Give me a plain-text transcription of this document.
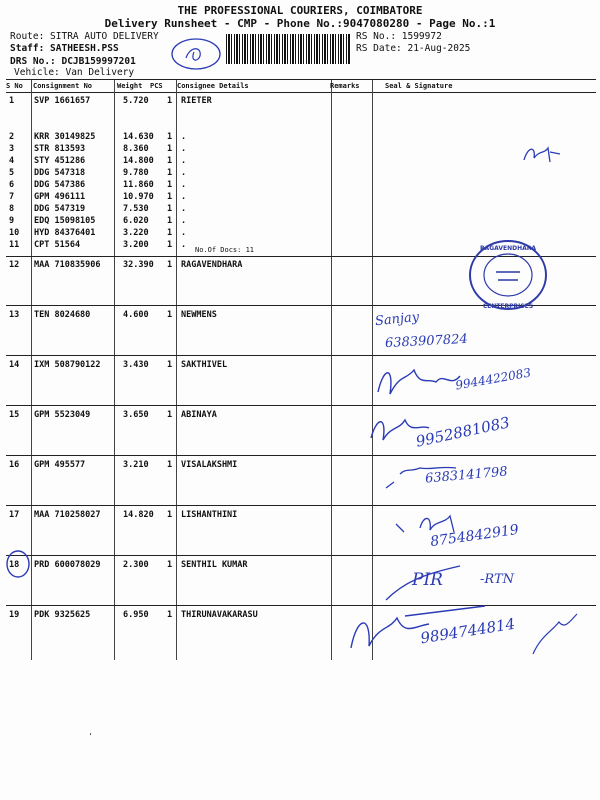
THE PROFESSIONAL COURIERS, COIMBATORE
Delivery Runsheet - CMP - Phone No.:9047080280 - Page No.:1
Route: SITRA AUTO DELIVERY
Staff: SATHEESH.PSS
DRS No.: DCJB159997201
Vehicle: Van Delivery
RS No.: 1599972
RS Date: 21-Aug-2025
S No Consignment No	Weight PCS Consignee Details	Remarks	Seal & Signature
1 SVP 1661657	5.720 1 RIETER
2 KRR 30149825	14.630 1 .
3 STR 813593	8.360 1 .
4 STY 451286	14.800 1 .
5 DDG 547318	9.780 1 .
6 DDG 547386	11.860 1 .
7 GPM 496111	10.970 1 .
8 DDG 547319	7.530 1 .
9 EDQ 15098105	6.020 1 .
10 HYD 84376401	3.220 1 .
11 CPT 51564	3.200 1 .
12 MAA 710835906	32.390 1 RAGAVENDHARA
13 TEN 8024680	4.600 1 NEWMENS
14 IXM 508790122	3.430 1 SAKTHIVEL
15 GPM 5523049	3.650 1 ABINAYA
16 GPM 495577	3.210 1 VISALAKSHMI
17 MAA 710258027	14.820 1 LISHANTHINI
18 PRD 600078029	2.300 1 SENTHIL KUMAR
19 PDK 9325625	6.950 1 THIRUNAVAKARASU
No.Of Docs: 11	RAGAVENDHARA
CENTERPRISES
Sanjay
6383907824
9944422083
9952881083
6383141798
8754842919
PIR	-RTN
9894744814
'
